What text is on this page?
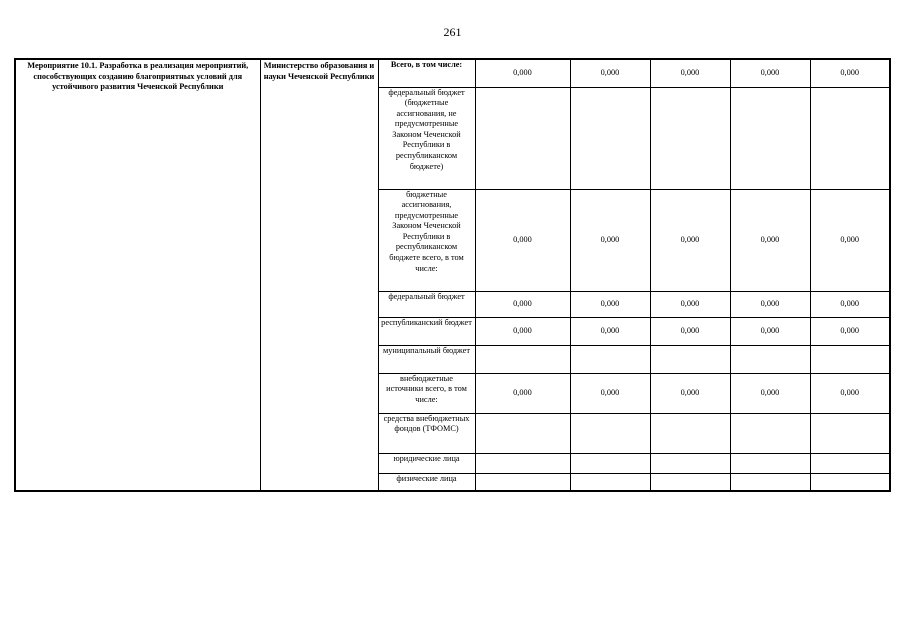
261
Мероприятие 10.1. Разработка в реализация мероприятий, способствующих созданию благоприятных условий для устойчивого развития Чеченской Республики	Министерство образования и науки Чеченской Республики	Всего, в том числе:	0,000	0,000	0,000	0,000	0,000
		федеральный бюджет (бюджетные ассигнования, не предусмотренные Законом Чеченской Республики в республиканском бюджете)					
		бюджетные ассигнования, предусмотренные Законом Чеченской Республики в республиканском бюджете всего, в том числе:	0,000	0,000	0,000	0,000	0,000
		федеральный бюджет	0,000	0,000	0,000	0,000	0,000
		республиканский бюджет	0,000	0,000	0,000	0,000	0,000
		муниципальный бюджет					
		внебюджетные источники всего, в том числе:	0,000	0,000	0,000	0,000	0,000
		средства внебюджетных фондов (ТФОМС)					
		юридические лица					
		физические лица					
